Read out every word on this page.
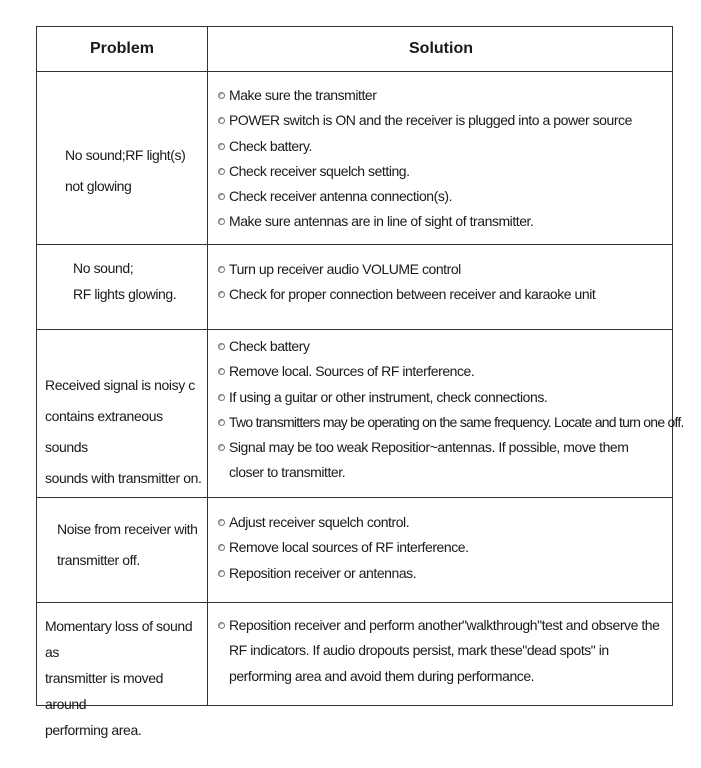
Problem	Solution
No sound;RF light(s)
not glowing
Make sure the transmitter
POWER switch is ON and the receiver is plugged into a power source
Check battery.
Check receiver squelch setting.
Check receiver antenna connection(s).
Make sure antennas are in line of sight of transmitter.
No sound;
RF lights glowing.
Turn up receiver audio VOLUME control
Check for proper connection between receiver and karaoke unit
Received signal is noisy c
contains extraneous sounds
sounds with transmitter on.
Check battery
Remove local. Sources of RF interference.
If using a guitar or other instrument, check connections.
Two transmitters may be operating on the same frequency. Locate and turn one off.
Signal may be too weak Repositior~antennas. If possible, move them closer to transmitter.
Noise from receiver with
transmitter off.
Adjust receiver squelch control.
Remove local sources of RF interference.
Reposition receiver or antennas.
Momentary loss of sound as
transmitter is moved around
performing area.
Reposition receiver and perform another"walkthrough"test and observe the RF indicators. If audio dropouts persist, mark these"dead spots" in performing area and avoid them during performance.
